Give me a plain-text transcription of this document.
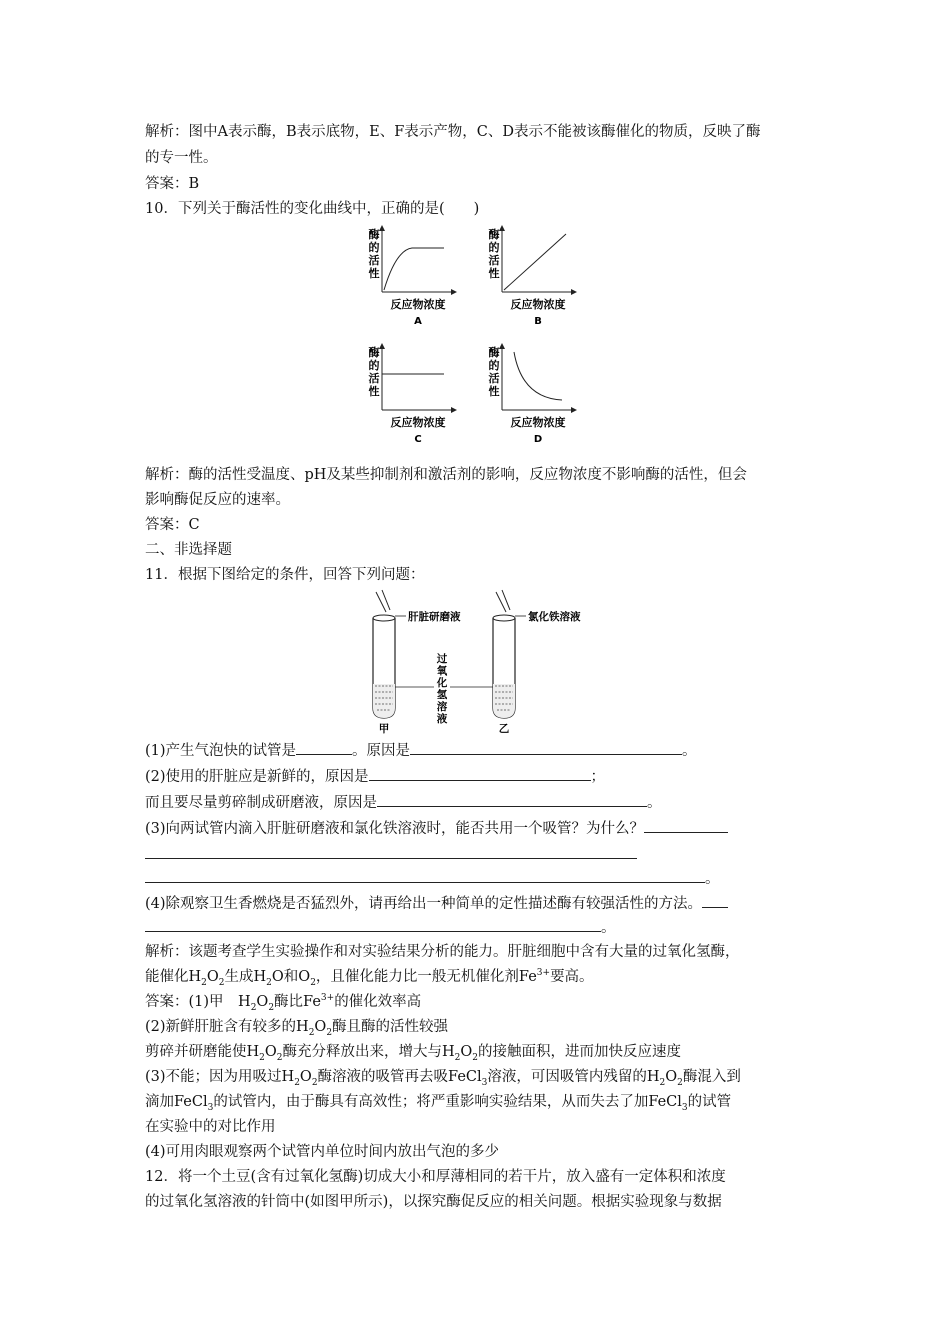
解析：图中A表示酶，B表示底物，E、F表示产物，C、D表示不能被该酶催化的物质，反映了酶
的专一性。
答案：B
10．下列关于酶活性的变化曲线中，正确的是(　　)
酶
的
活
性
反应物浓度
A
酶
的
活
性
反应物浓度
B
酶
的
活
性
反应物浓度
C
酶
的
活
性
反应物浓度
D
解析：酶的活性受温度、pH及某些抑制剂和激活剂的影响，反应物浓度不影响酶的活性，但会
影响酶促反应的速率。
答案：C
二、非选择题
11．根据下图给定的条件，回答下列问题：
肝脏研磨液
甲
氯化铁溶液
乙
过
氧
化
氢
溶
液
(1)产生气泡快的试管是	。原因是	。
(2)使用的肝脏应是新鲜的，原因是	；
而且要尽量剪碎制成研磨液，原因是	。
(3)向两试管内滴入肝脏研磨液和氯化铁溶液时，能否共用一个吸管？为什么？
。
(4)除观察卫生香燃烧是否猛烈外，请再给出一种简单的定性描述酶有较强活性的方法。
。
解析：该题考查学生实验操作和对实验结果分析的能力。肝脏细胞中含有大量的过氧化氢酶，
能催化$H_2O_2$生成$H_2O$和$O_2$，且催化能力比一般无机催化剂$Fe^{3+}$要高。
答案：(1)甲　$H_2O_2$酶比$Fe^{3+}$的催化效率高
(2)新鲜肝脏含有较多的$H_2O_2$酶且酶的活性较强
剪碎并研磨能使$H_2O_2$酶充分释放出来，增大与$H_2O_2$的接触面积，进而加快反应速度
(3)不能；因为用吸过$H_2O_2$酶溶液的吸管再去吸FeCl$_3$溶液，可因吸管内残留的$H_2O_2$酶混入到
滴加FeCl$_3$的试管内，由于酶具有高效性；将严重影响实验结果，从而失去了加FeCl$_3$的试管
在实验中的对比作用
(4)可用肉眼观察两个试管内单位时间内放出气泡的多少
12．将一个土豆(含有过氧化氢酶)切成大小和厚薄相同的若干片，放入盛有一定体积和浓度
的过氧化氢溶液的针筒中(如图甲所示)，以探究酶促反应的相关问题。根据实验现象与数据
